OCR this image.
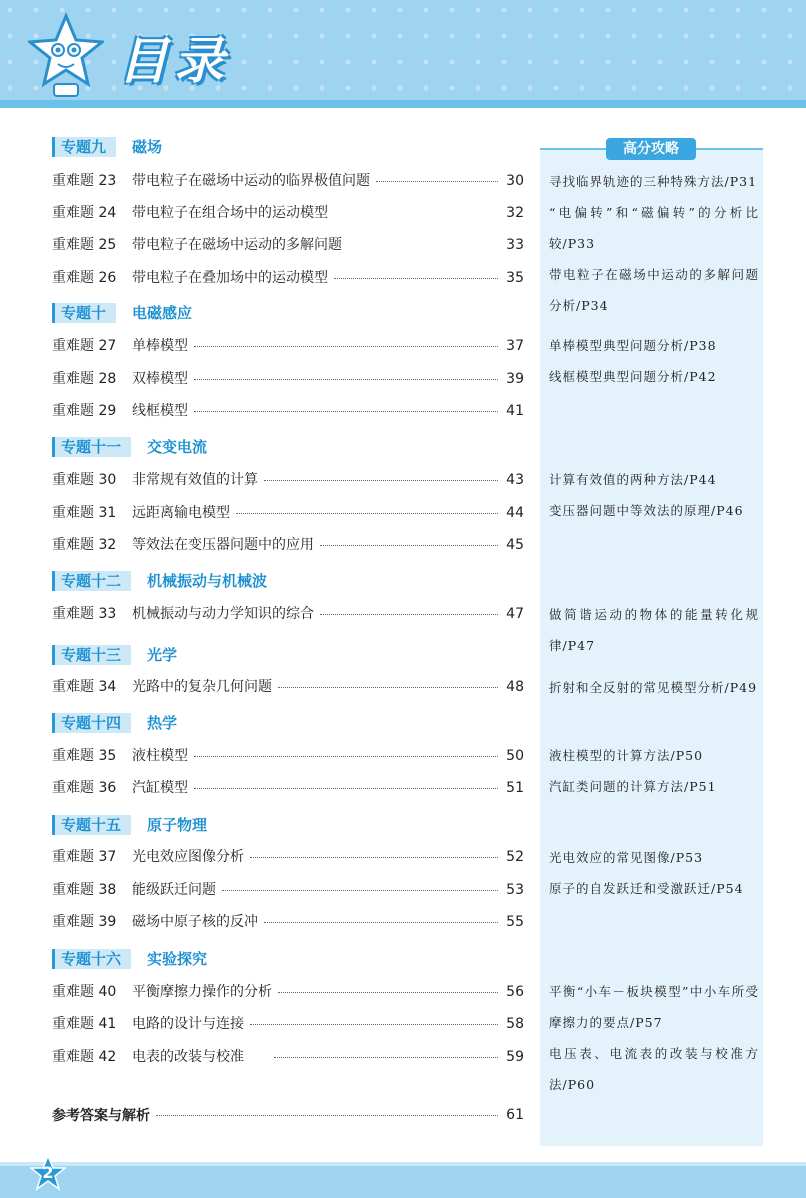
目录
高分攻略
专题九	磁场
重难题 23	带电粒子在磁场中运动的临界极值问题	30
重难题 24	带电粒子在组合场中的运动模型	32
重难题 25	带电粒子在磁场中运动的多解问题	33
重难题 26	带电粒子在叠加场中的运动模型	35
专题十	电磁感应
重难题 27	单棒模型	37
重难题 28	双棒模型	39
重难题 29	线框模型	41
专题十一	交变电流
重难题 30	非常规有效值的计算	43
重难题 31	远距离输电模型	44
重难题 32	等效法在变压器问题中的应用	45
专题十二	机械振动与机械波
重难题 33	机械振动与动力学知识的综合	47
专题十三	光学
重难题 34	光路中的复杂几何问题	48
专题十四	热学
重难题 35	液柱模型	50
重难题 36	汽缸模型	51
专题十五	原子物理
重难题 37	光电效应图像分析	52
重难题 38	能级跃迁问题	53
重难题 39	磁场中原子核的反冲	55
专题十六	实验探究
重难题 40	平衡摩擦力操作的分析	56
重难题 41	电路的设计与连接	58
重难题 42	电表的改装与校准	59
参考答案与解析	61
寻找临界轨迹的三种特殊方法/P31
“电偏转”和“磁偏转”的分析比较/P33
带电粒子在磁场中运动的多解问题分析/P34
单棒模型典型问题分析/P38
线框模型典型问题分析/P42
计算有效值的两种方法/P44
变压器问题中等效法的原理/P46
做简谐运动的物体的能量转化规律/P47
折射和全反射的常见模型分析/P49
液柱模型的计算方法/P50
汽缸类问题的计算方法/P51
光电效应的常见图像/P53
原子的自发跃迁和受激跃迁/P54
平衡“小车－板块模型”中小车所受摩擦力的要点/P57
电压表、电流表的改装与校准方法/P60
2
